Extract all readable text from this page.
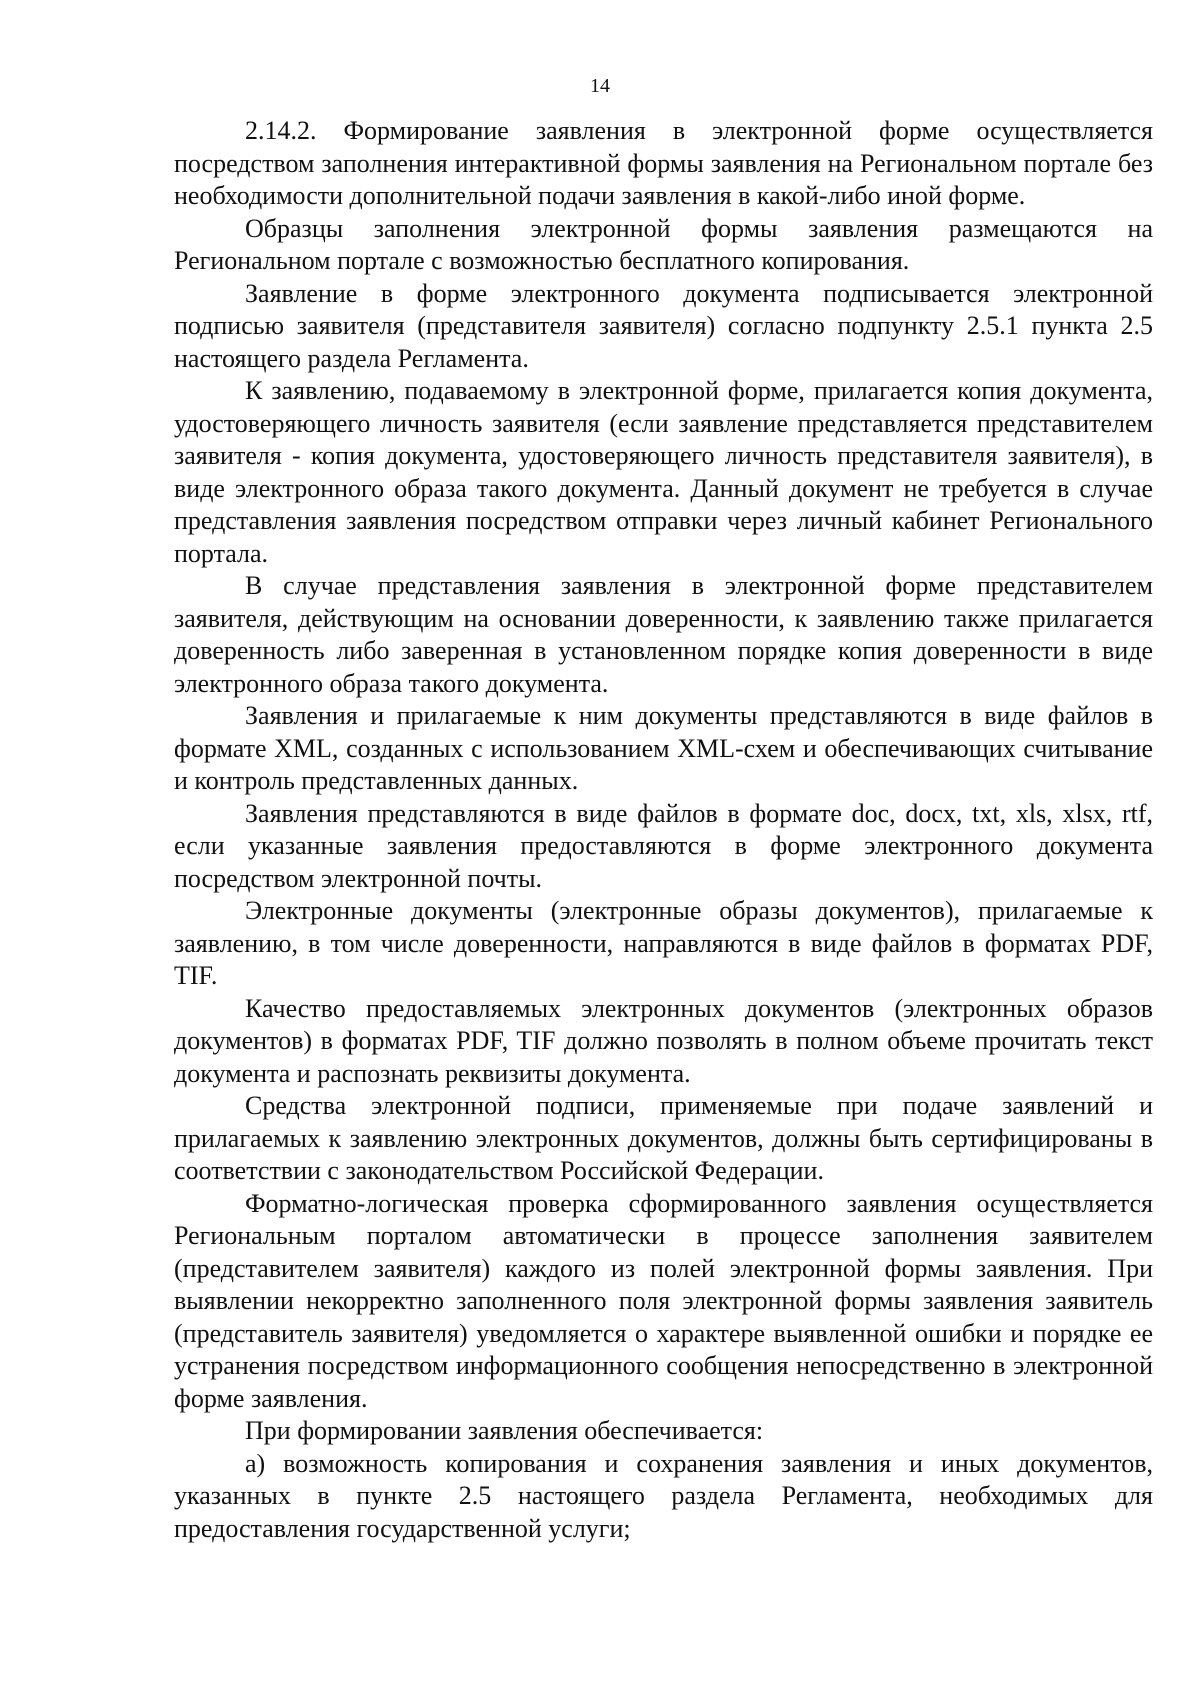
14

2.14.2. Формирование заявления в электронной форме осуществляется посредством заполнения интерактивной формы заявления на Региональном портале без необходимости дополнительной подачи заявления в какой-либо иной форме.

Образцы заполнения электронной формы заявления размещаются на Региональном портале с возможностью бесплатного копирования.

Заявление в форме электронного документа подписывается электронной подписью заявителя (представителя заявителя) согласно подпункту 2.5.1 пункта 2.5 настоящего раздела Регламента.

К заявлению, подаваемому в электронной форме, прилагается копия документа, удостоверяющего личность заявителя (если заявление представляется представителем заявителя - копия документа, удостоверяющего личность представителя заявителя), в виде электронного образа такого документа. Данный документ не требуется в случае представления заявления посредством отправки через личный кабинет Регионального портала.

В случае представления заявления в электронной форме представителем заявителя, действующим на основании доверенности, к заявлению также прилагается доверенность либо заверенная в установленном порядке копия доверенности в виде электронного образа такого документа.

Заявления и прилагаемые к ним документы представляются в виде файлов в формате XML, созданных с использованием XML-схем и обеспечивающих считывание и контроль представленных данных.

Заявления представляются в виде файлов в формате doc, docx, txt, xls, xlsx, rtf, если указанные заявления предоставляются в форме электронного документа посредством электронной почты.

Электронные документы (электронные образы документов), прилагаемые к заявлению, в том числе доверенности, направляются в виде файлов в форматах PDF, TIF.

Качество предоставляемых электронных документов (электронных образов документов) в форматах PDF, TIF должно позволять в полном объеме прочитать текст документа и распознать реквизиты документа.

Средства электронной подписи, применяемые при подаче заявлений и прилагаемых к заявлению электронных документов, должны быть сертифицированы в соответствии с законодательством Российской Федерации.

Форматно-логическая проверка сформированного заявления осуществляется Региональным порталом автоматически в процессе заполнения заявителем (представителем заявителя) каждого из полей электронной формы заявления. При выявлении некорректно заполненного поля электронной формы заявления заявитель (представитель заявителя) уведомляется о характере выявленной ошибки и порядке ее устранения посредством информационного сообщения непосредственно в электронной форме заявления.

При формировании заявления обеспечивается:

а) возможность копирования и сохранения заявления и иных документов, указанных в пункте 2.5 настоящего раздела Регламента, необходимых для предоставления государственной услуги;
